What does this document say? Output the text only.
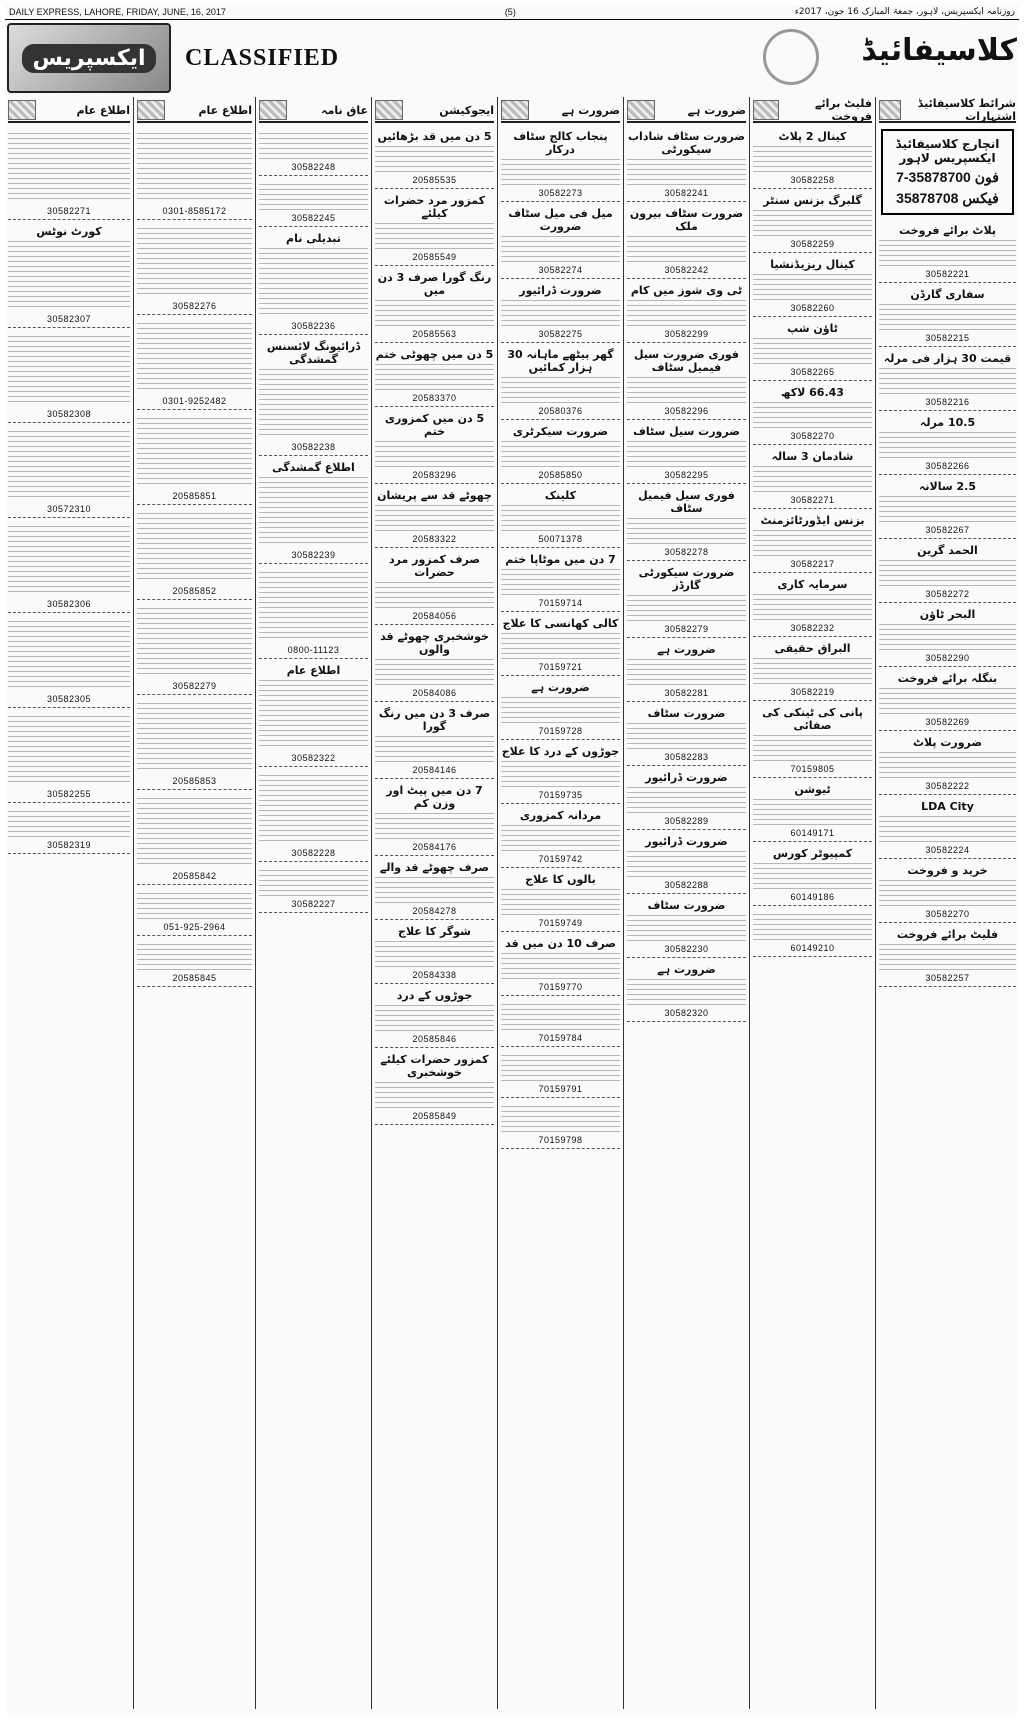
DAILY EXPRESS, LAHORE, FRIDAY, JUNE, 16, 2017	(5)	روزنامہ ایکسپریس، لاہور، جمعۃ المبارک 16 جون، 2017ء
ایکسپریس	CLASSIFIED	کلاسیفائیڈ
اطلاع عام
30582271
کورٹ نوٹس
30582307
30582308
30572310
30582306
30582305
30582255
30582319
اطلاع عام
0301-8585172
30582276
0301-9252482
20585851
20585852
30582279
20585853
20585842
051-925-2964
20585845
عاق نامہ
30582248
30582245
تبدیلی نام
30582236
ڈرائیونگ لائسنس گمشدگی
30582238
اطلاع گمشدگی
30582239
0800-11123
اطلاع عام
30582322
30582228
30582227
ایجوکیشن
5 دن میں قد بڑھائیں
20585535
کمزور مرد حضرات کیلئے
20585549
رنگ گورا صرف 3 دن میں
20585563
5 دن میں چھوٹی ختم
20583370
5 دن میں کمزوری ختم
20583296
چھوٹے قد سے پریشان
20583322
صرف کمزور مرد حضرات
20584056
خوشخبری چھوٹے قد والوں
20584086
صرف 3 دن میں رنگ گورا
20584146
7 دن میں پیٹ اور وزن کم
20584176
صرف چھوٹے قد والے
20584278
شوگر کا علاج
20584338
جوڑوں کے درد
20585846
کمزور حضرات کیلئے خوشخبری
20585849
ضرورت ہے
پنجاب کالج سٹاف درکار
30582273
میل فی میل سٹاف ضرورت
30582274
ضرورت ڈرائیور
30582275
گھر بیٹھے ماہانہ 30 ہزار کمائیں
20580376
ضرورت سیکرٹری
20585850
کلینک
50071378
7 دن میں موٹاپا ختم
70159714
کالی کھانسی کا علاج
70159721
ضرورت ہے
70159728
جوڑوں کے درد کا علاج
70159735
مردانہ کمزوری
70159742
بالوں کا علاج
70159749
صرف 10 دن میں قد
70159770
70159784
70159791
70159798
ضرورت ہے
ضرورت سٹاف شاداب سیکورٹی
30582241
ضرورت سٹاف بیرون ملک
30582242
ٹی وی شوز میں کام
30582299
فوری ضرورت سیل فیمیل سٹاف
30582296
ضرورت سیل سٹاف
30582295
فوری سیل فیمیل سٹاف
30582278
ضرورت سیکورٹی گارڈز
30582279
ضرورت ہے
30582281
ضرورت سٹاف
30582283
ضرورت ڈرائیور
30582289
ضرورت ڈرائیور
30582288
ضرورت سٹاف
30582230
ضرورت ہے
30582320
فلیٹ برائے فروخت
کینال 2 پلاٹ
30582258
گلبرگ بزنس سنٹر
30582259
کینال ریزیڈنشیا
30582260
ٹاؤن شپ
30582265
66.43 لاکھ
30582270
شادمان 3 سالہ
30582271
بزنس ایڈورٹائزمنٹ
30582217
سرمایہ کاری
30582232
البراق حقیقی
30582219
پانی کی ٹینکی کی صفائی
70159805
ٹیوشن
60149171
کمپیوٹر کورس
60149186
60149210
شرائط کلاسیفائیڈ اشتہارات
انچارج کلاسیفائیڈ ایکسپریس لاہور
فون 35878700-7
فیکس 35878708
پلاٹ برائے فروخت
30582221
سفاری گارڈن
30582215
قیمت 30 ہزار فی مرلہ
30582216
10.5 مرلہ
30582266
2.5 سالانہ
30582267
الحمد گرین
30582272
البحر ٹاؤن
30582290
بنگلہ برائے فروخت
30582269
ضرورت پلاٹ
30582222
LDA City
30582224
خرید و فروخت
30582270
فلیٹ برائے فروخت
30582257
